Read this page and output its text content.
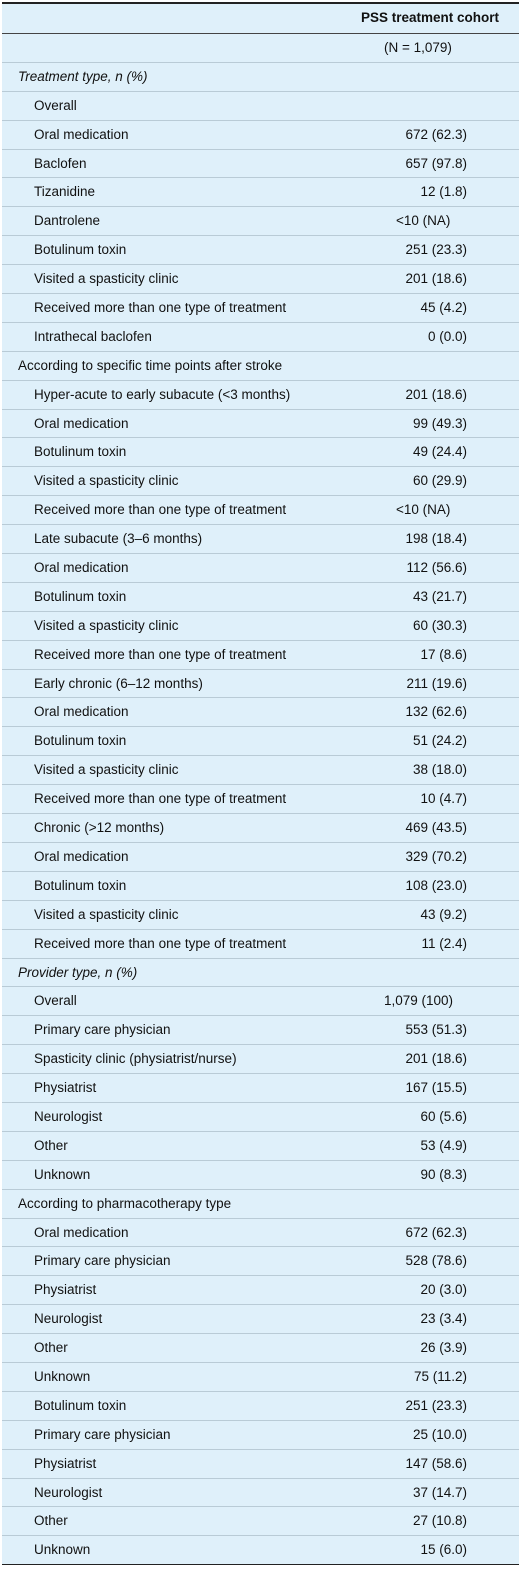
PSS treatment cohort
(N = 1,079)
Treatment type, n (%)
Overall
Oral medication	672 (62.3)
Baclofen	657 (97.8)
Tizanidine	12 (1.8)
Dantrolene	<10 (NA)
Botulinum toxin	251 (23.3)
Visited a spasticity clinic	201 (18.6)
Received more than one type of treatment	45 (4.2)
Intrathecal baclofen	0 (0.0)
According to specific time points after stroke
Hyper-acute to early subacute (<3 months)	201 (18.6)
Oral medication	99 (49.3)
Botulinum toxin	49 (24.4)
Visited a spasticity clinic	60 (29.9)
Received more than one type of treatment	<10 (NA)
Late subacute (3–6 months)	198 (18.4)
Oral medication	112 (56.6)
Botulinum toxin	43 (21.7)
Visited a spasticity clinic	60 (30.3)
Received more than one type of treatment	17 (8.6)
Early chronic (6–12 months)	211 (19.6)
Oral medication	132 (62.6)
Botulinum toxin	51 (24.2)
Visited a spasticity clinic	38 (18.0)
Received more than one type of treatment	10 (4.7)
Chronic (>12 months)	469 (43.5)
Oral medication	329 (70.2)
Botulinum toxin	108 (23.0)
Visited a spasticity clinic	43 (9.2)
Received more than one type of treatment	11 (2.4)
Provider type, n (%)
Overall	1,079 (100)
Primary care physician	553 (51.3)
Spasticity clinic (physiatrist/nurse)	201 (18.6)
Physiatrist	167 (15.5)
Neurologist	60 (5.6)
Other	53 (4.9)
Unknown	90 (8.3)
According to pharmacotherapy type
Oral medication	672 (62.3)
Primary care physician	528 (78.6)
Physiatrist	20 (3.0)
Neurologist	23 (3.4)
Other	26 (3.9)
Unknown	75 (11.2)
Botulinum toxin	251 (23.3)
Primary care physician	25 (10.0)
Physiatrist	147 (58.6)
Neurologist	37 (14.7)
Other	27 (10.8)
Unknown	15 (6.0)
